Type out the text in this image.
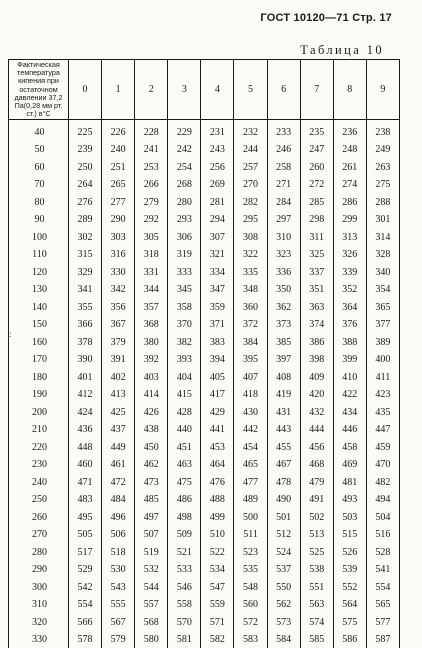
ГОСТ 10120—71 Стр. 17
Таблица 10
:
Фактическая температура кипения при остаточном давлении 37,2 Па(0,28 мм рт. ст.) в°С	0	1	2	3	4	5	6	7	8	9
40	225	226	228	229	231	232	233	235	236	238
50	239	240	241	242	243	244	246	247	248	249
60	250	251	253	254	256	257	258	260	261	263
70	264	265	266	268	269	270	271	272	274	275
80	276	277	279	280	281	282	284	285	286	288
90	289	290	292	293	294	295	297	298	299	301
100	302	303	305	306	307	308	310	311	313	314
110	315	316	318	319	321	322	323	325	326	328
120	329	330	331	333	334	335	336	337	339	340
130	341	342	344	345	347	348	350	351	352	354
140	355	356	357	358	359	360	362	363	364	365
150	366	367	368	370	371	372	373	374	376	377
160	378	379	380	382	383	384	385	386	388	389
170	390	391	392	393	394	395	397	398	399	400
180	401	402	403	404	405	407	408	409	410	411
190	412	413	414	415	417	418	419	420	422	423
200	424	425	426	428	429	430	431	432	434	435
210	436	437	438	440	441	442	443	444	446	447
220	448	449	450	451	453	454	455	456	458	459
230	460	461	462	463	464	465	467	468	469	470
240	471	472	473	475	476	477	478	479	481	482
250	483	484	485	486	488	489	490	491	493	494
260	495	496	497	498	499	500	501	502	503	504
270	505	506	507	509	510	511	512	513	515	516
280	517	518	519	521	522	523	524	525	526	528
290	529	530	532	533	534	535	537	538	539	541
300	542	543	544	546	547	548	550	551	552	554
310	554	555	557	558	559	560	562	563	564	565
320	566	567	568	570	571	572	573	574	575	577
330	578	579	580	581	582	583	584	585	586	587
